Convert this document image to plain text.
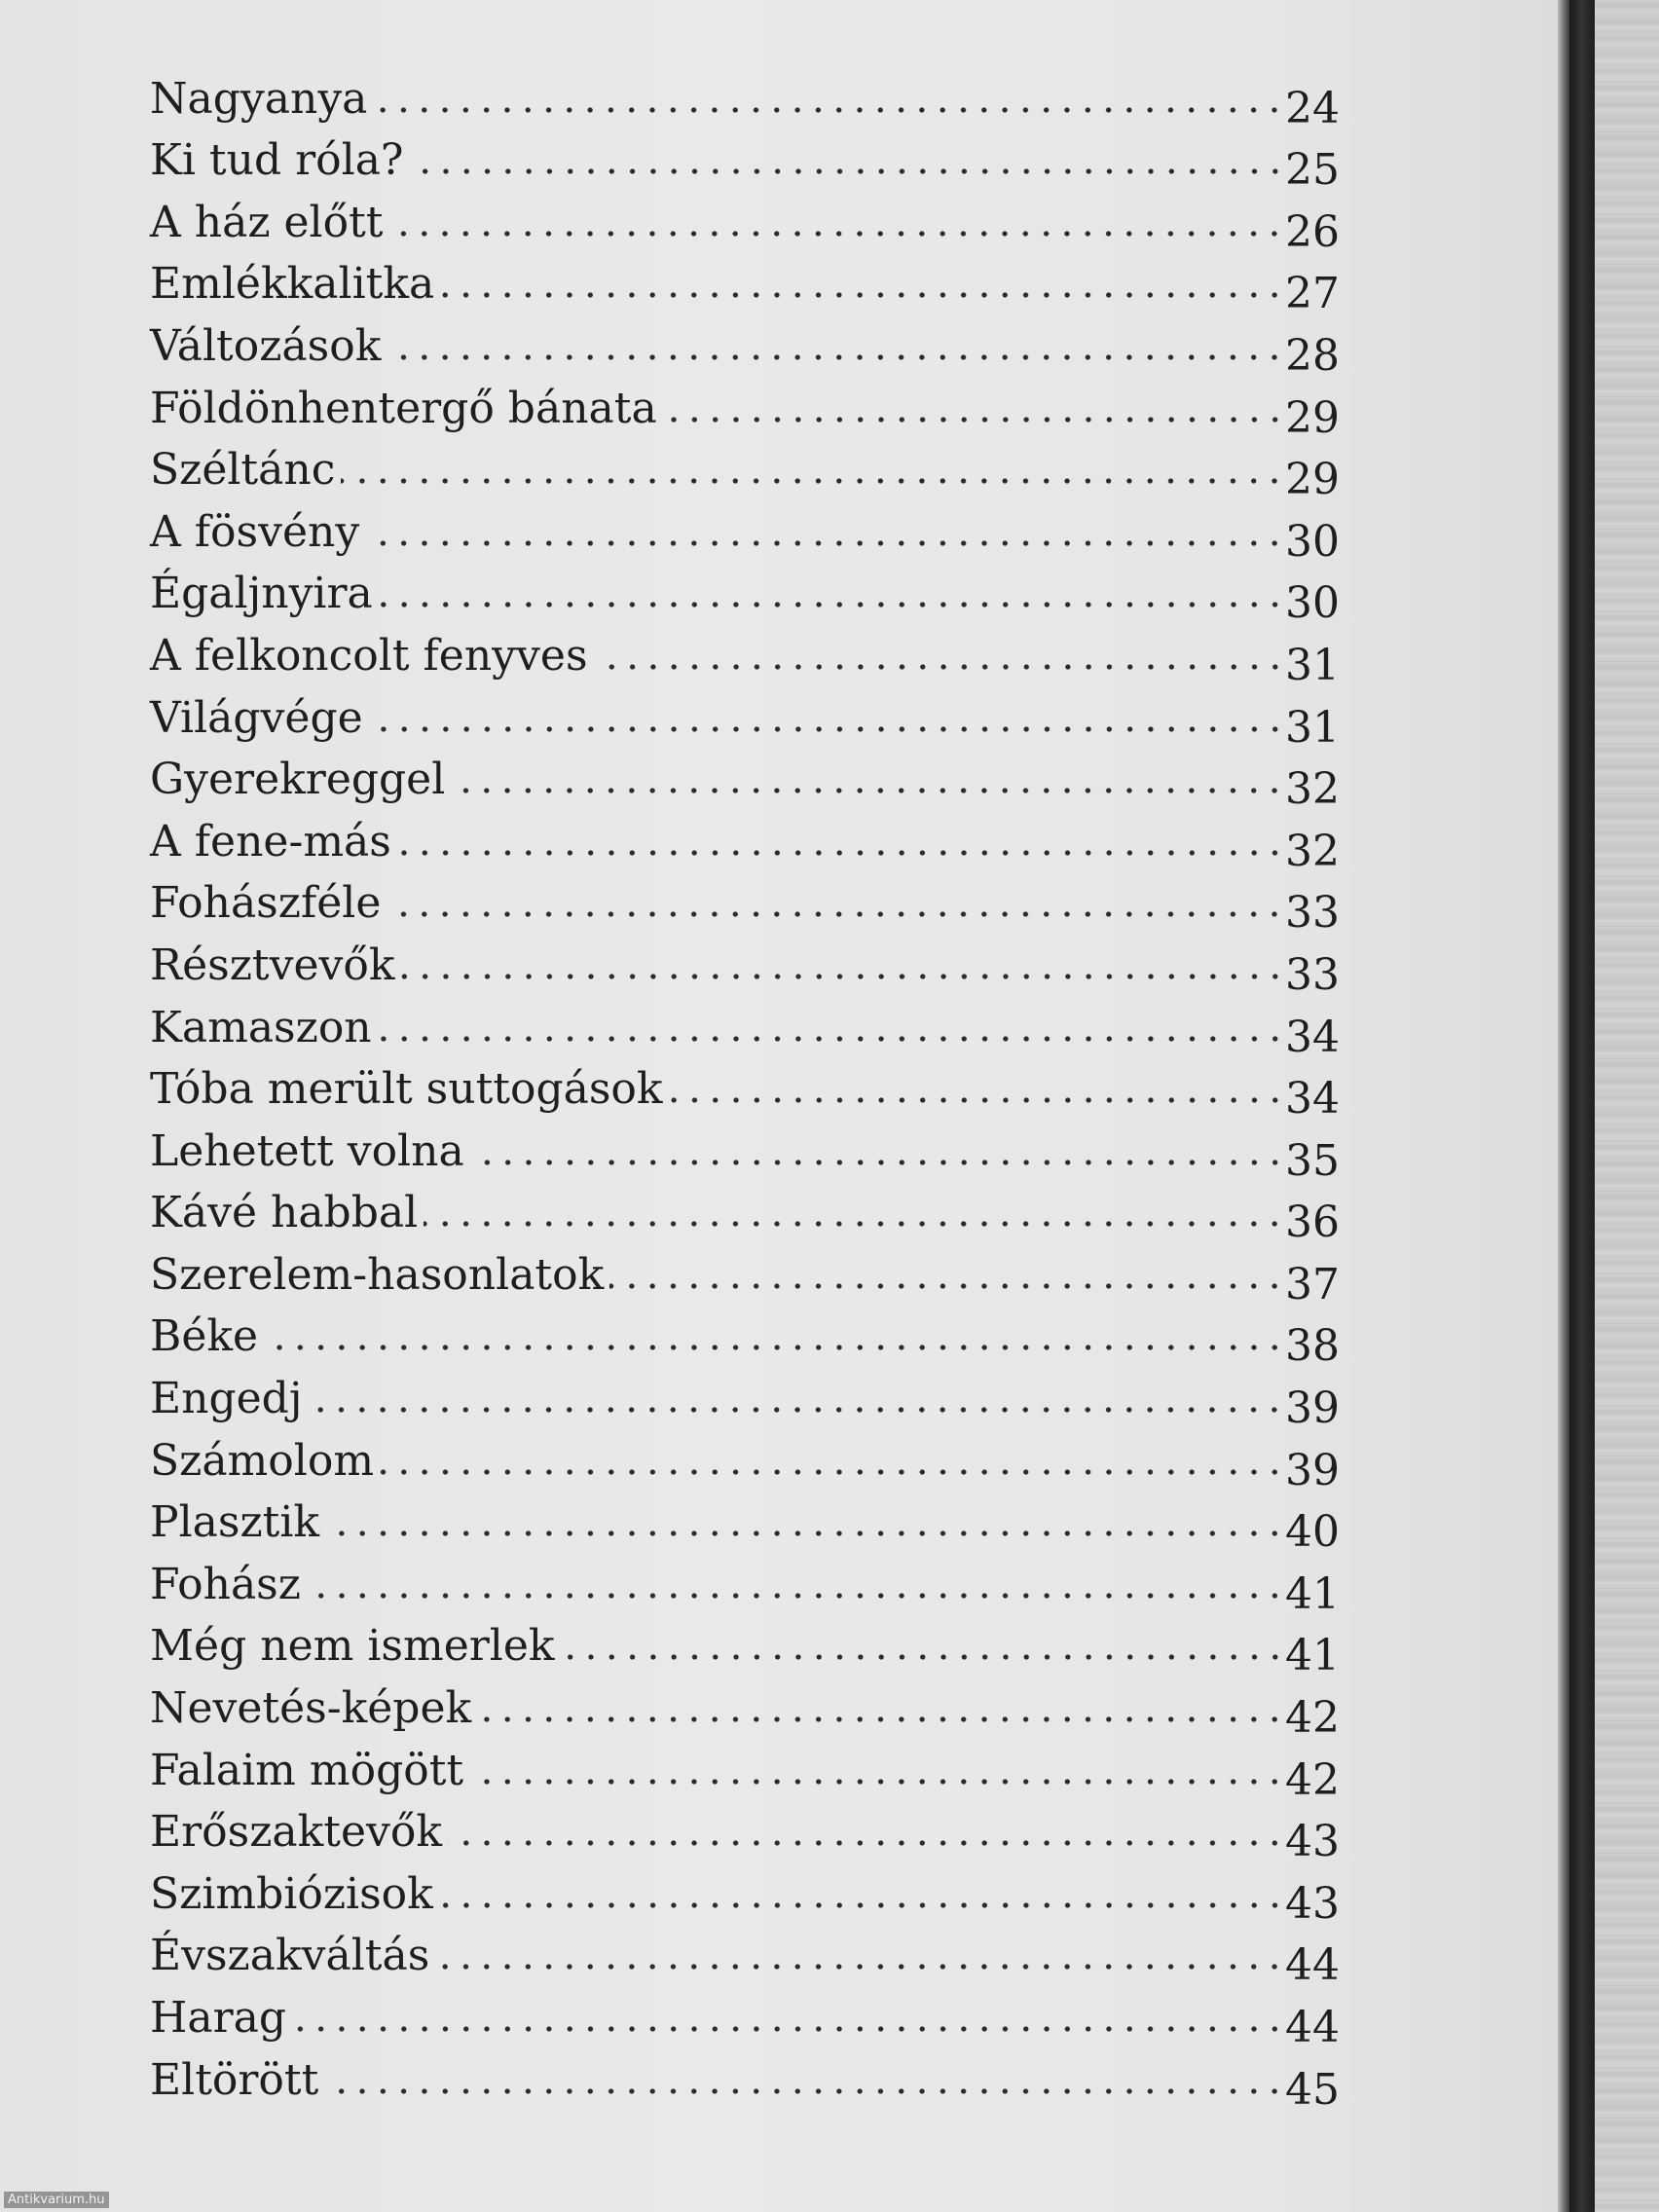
Nagyanya	24
Ki tud róla?	25
A ház előtt	26
Emlékkalitka	27
Változások	28
Földönhentergő bánata	29
Széltánc	29
A fösvény	30
Égaljnyira	30
A felkoncolt fenyves	31
Világvége	31
Gyerekreggel	32
A fene-más	32
Fohászféle	33
Résztvevők	33
Kamaszon	34
Tóba merült suttogások	34
Lehetett volna	35
Kávé habbal	36
Szerelem-hasonlatok	37
Béke	38
Engedj	39
Számolom	39
Plasztik	40
Fohász	41
Még nem ismerlek	41
Nevetés-képek	42
Falaim mögött	42
Erőszaktevők	43
Szimbiózisok	43
Évszakváltás	44
Harag	44
Eltörött	45
Antikvarium.hu
